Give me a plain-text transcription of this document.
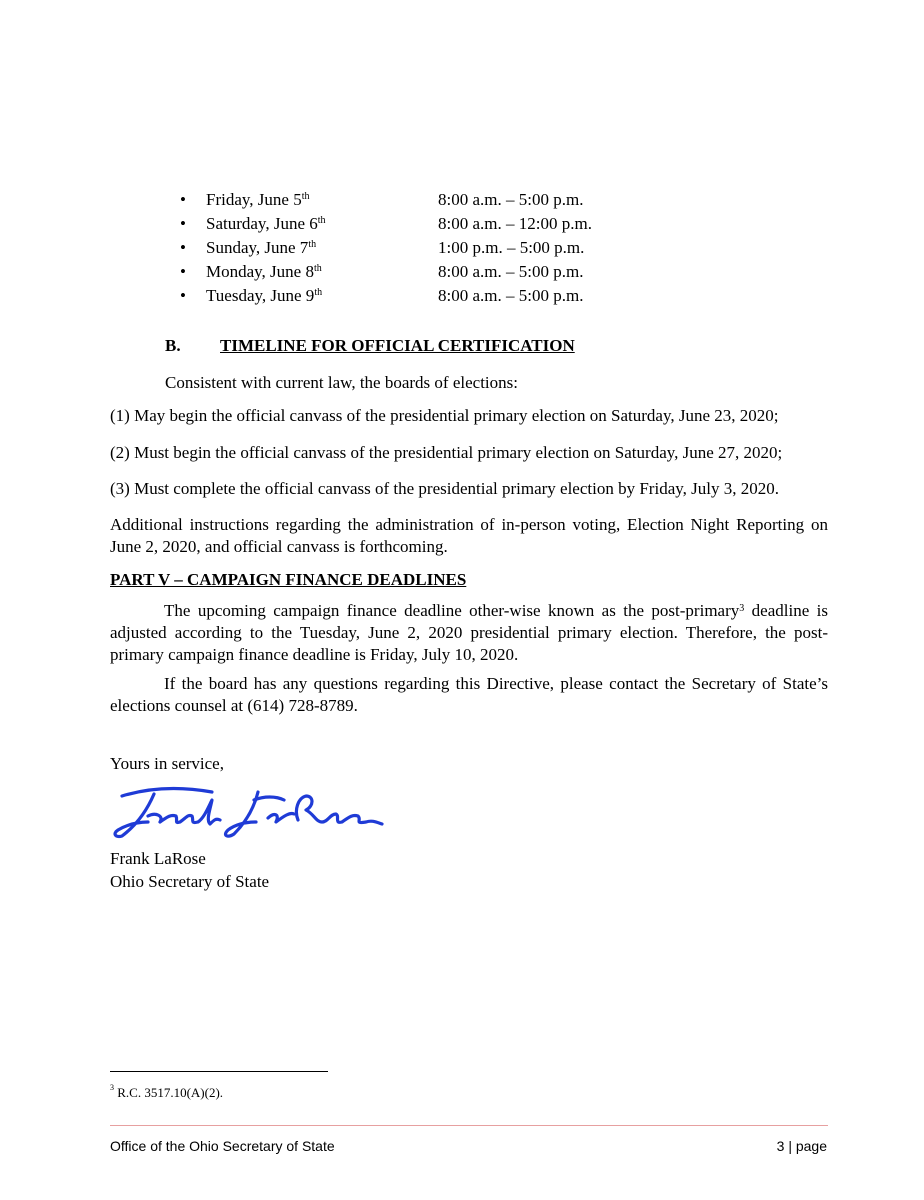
• Friday, June 5th	8:00 a.m. – 5:00 p.m.
• Saturday, June 6th	8:00 a.m. – 12:00 p.m.
• Sunday, June 7th	1:00 p.m. – 5:00 p.m.
• Monday, June 8th	8:00 a.m. – 5:00 p.m.
• Tuesday, June 9th	8:00 a.m. – 5:00 p.m.
B. TIMELINE FOR OFFICIAL CERTIFICATION
Consistent with current law, the boards of elections:
(1) May begin the official canvass of the presidential primary election on Saturday, June 23, 2020;
(2) Must begin the official canvass of the presidential primary election on Saturday, June 27, 2020;
(3) Must complete the official canvass of the presidential primary election by Friday, July 3, 2020.
Additional instructions regarding the administration of in-person voting, Election Night Reporting on June 2, 2020, and official canvass is forthcoming.
PART V – CAMPAIGN FINANCE DEADLINES
The upcoming campaign finance deadline other-wise known as the post-primary$^3$ deadline is adjusted according to the Tuesday, June 2, 2020 presidential primary election. Therefore, the post-primary campaign finance deadline is Friday, July 10, 2020.
If the board has any questions regarding this Directive, please contact the Secretary of State’s elections counsel at (614) 728-8789.
Yours in service,
Frank LaRose
Ohio Secretary of State
$^3$ R.C. 3517.10(A)(2).
Office of the Ohio Secretary of State	3 | page
